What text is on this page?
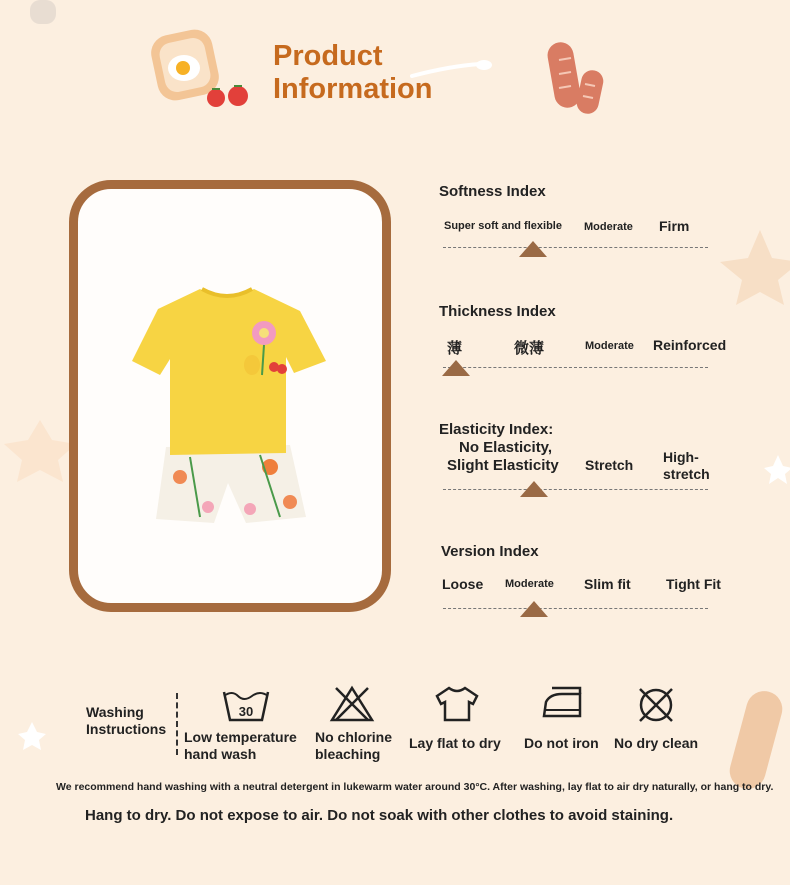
Product
Information
Softness Index
Super soft and flexible Moderate Firm
Thickness Index
薄	微薄	Moderate Reinforced
Elasticity Index:
No Elasticity,
Slight Elasticity Stretch High-
stretch
Version Index
Loose Moderate Slim fit	Tight Fit
Washing
Instructions
30
Low temperature
hand wash
No chlorine
bleaching
Lay flat to dry Do not iron No dry clean
We recommend hand washing with a neutral detergent in lukewarm water around 30°C. After washing, lay flat to air dry naturally, or hang to dry.
Hang to dry. Do not expose to air. Do not soak with other clothes to avoid staining.
